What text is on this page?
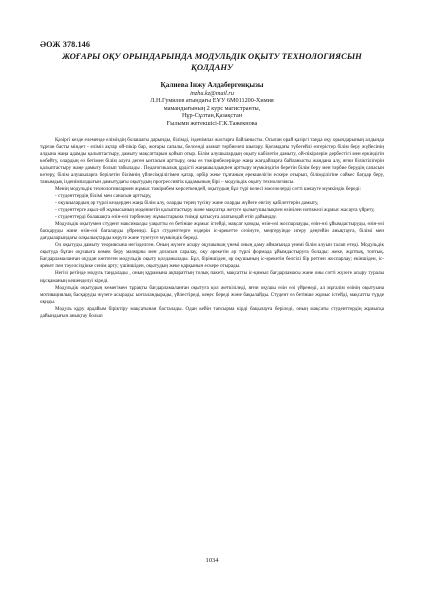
ӘОЖ 378.146
ЖОҒАРЫ ОҚУ ОРЫНДАРЫНДА МОДУЛЬДІК ОҚЫТУ ТЕХНОЛОГИЯСЫН
ҚОЛДАНУ
Қалиева Інжу Алдабергенқызы
inzhu.kz@mail.ru
Л.Н.Гумилев атындағы ЕҰУ 6М011200-Химия
мамандығының 2 курс магистранты,
Нұр-Сұлтан,Қазақстан
Ғылыми жетекшісі-Г.К.Тажекнова

Қазіргі кезде елеменде еліміздің болашағы дарынды, білімді, ізденімпаз жастарға байланысты. Осыған орай қазіргі таңда оқу орындарының алдында тұрған басты міндет - еліміз ақтар ой-пікір бар, жоғары сапалы, белсенді азамат тәрбиелеп шығару. Қоғамдағы түбегейлі өзгерістер білім беру жүйесінің алдына жаңа адамды қалыптастыру, дамыту мақсаттарын қойып отыр. Білім алушылардың оқыту кабілетін дамыту, ой-пікірлерін дербестігі мен еркіндігін көбейту, олардың өз бетімен білім алуға деген ынтасын арттыру, оны өз тәжірибелеріңде жаңа жағдайларға байланысты жандана алу, яғни біліктілігерін қалыптастыру жаңе дамыту болып табылады . Педагогикалық ұрдісті жаңашылдықпен арттыру мүмкіндігін беретін білім беру мен тәрбие берудің сапасын көтеру, білім алушыларға берілетін білімнің үйлесімділігімен қатар, әрбір жеке тұлғаның ерекшелігін ескере отырып, білімділігіне сәйкес бағдар беру, танымдық ізденімпаздығын дамытудағы оқытудың прогрессивтік қадамының бірі – модульдік оқыту технологиясы.

Менің модульдік технологиялармен жұмыс тәжірибем көрсеткендей, оқытудың бұл түрі келесі мәселелерді сәтті шешуге мүмкіндік береді:

- студенттердің білімі мен санасын арттыру,

- оқушылардың әр түрлі кездерден жаңа білім алу, оларды терең түсіну және оларды жүйеге енгізу қабілеттерін дамыту,

- студенттерге ақыл-ой жұмысының мәдениетін қалыптастыру және мақсатқа жетуге қызығушылықпен өзінілен нәтижелі жұмыс жасауға үйрету,

- студенттерді болашақта өзін-өзі тәрбиелеу жұмыстарына тиімді қатысуға алатындай етіп дайындау.

Модульдік оқытумен студент максималды уақытты өз бетінше жұмыс істейді, мақсат қоюды, өзін-өзі жоспарлауды, өзін-өзі ұйымдастыруды, өзін-өзі басқаруды және өзін-өзі бағалауды үйренеді. Бұл студенттерге өздерін іс-әрекетте сезінуге, меңгеруінде игеру деңгейін анықтауға, білімі мен дағдыларындағы олқылықтарды көруге және түзетуге мүмкіндік береді.

Ол оқытуды дамыту теориясына негізделген. Оның жүзеге асыру оқушының үнемі оның даму аймағында үнемі білім алуын талап етеді. Модульдік оқытуда бұған оқушыға көмек беру мазмұны мен дозасын саралау, оқу әрекетін әр түрлі формада ұйымдастыруға болады: жеке, жұптық, топтық. Бағдарламаланған оқудан көптеген модульдік оқыту қолданылады. Бұл, біріншіден, әр оқушының іс-әрекетін белгілі бір ретпен жоспарлау; екіншіден, іс-әрекет пен тәуелсіздікке сенім арту; үшіншіден, оқытудың жеке қарқынын ескере отырады.

Негізі ретінде модуль таңдалады , оның құрамына ақпараттың толық пакеті, мақсатты іс-қимыл бағдарламасы және оны сәтті жүзеге асыру туралы нұсқаманың кешенделуі кіреді.

Модульдік оқытудың көмегімен тұрақты бағдарламаланған оқытуға қол жеткізіледі, яғни оқушы өзін өзі үйренеді, ал мұғалім өзінің оқытуына мотивациялық басқаруды жүзеге асырады: ынталандырады, үйлестіреді, кеңес береді және бақылайды. Студент өз бетінше жұмыс істейді, мақсатты түрде оқиды.

Модуль құру әрдайым біріктіру мақсатынан басталады. Одан кейін тапсырма кірді бақылауға беріледі, оның мақсаты студенттердің жұмысқа дайындығын анықтау болып

1034
